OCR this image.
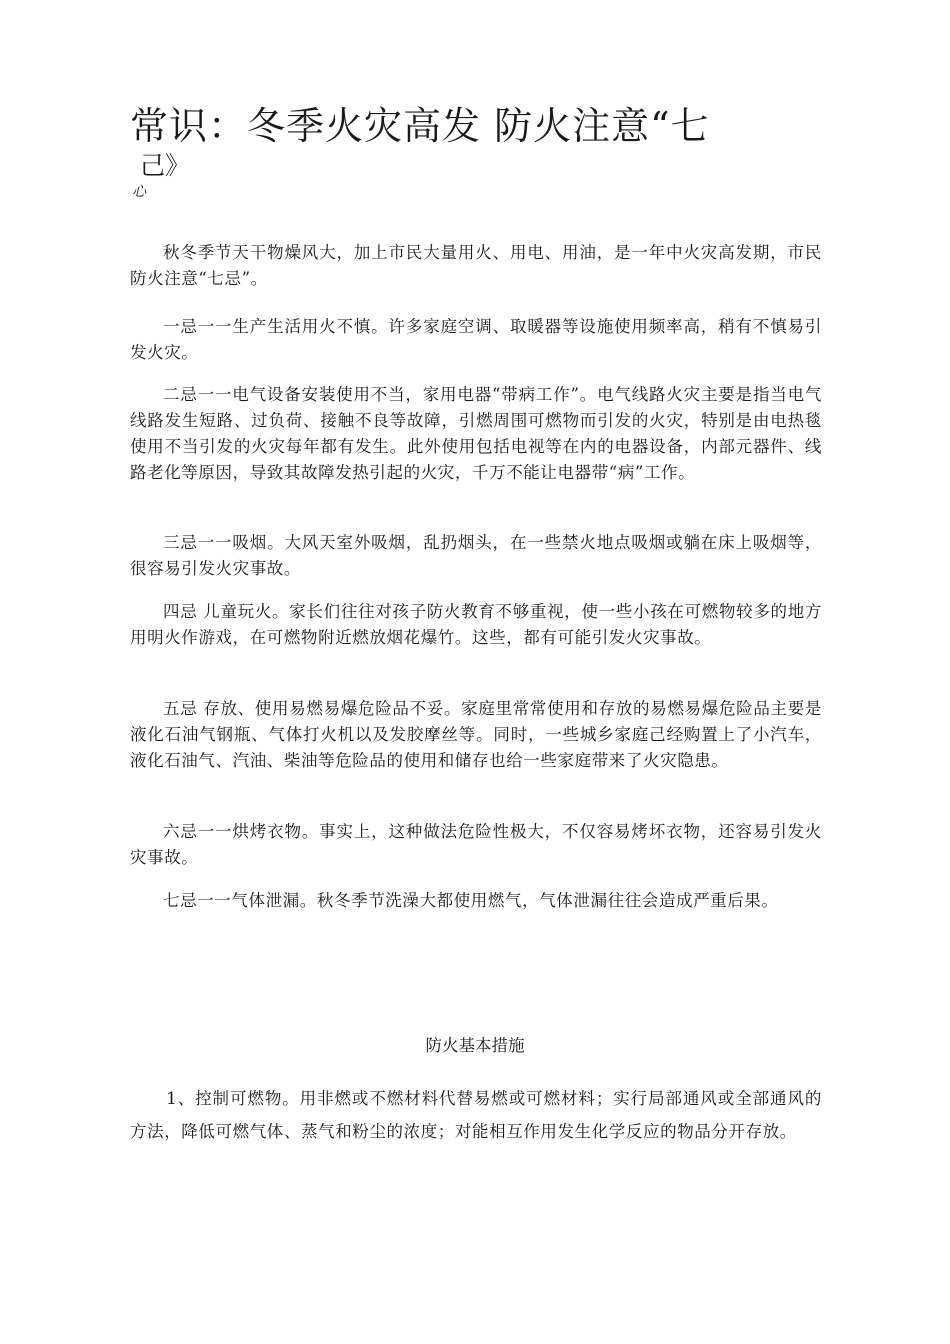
常识：冬季火灾高发 防火注意“七
己》
心

秋冬季节天干物燥风大，加上市民大量用火、用电、用油，是一年中火灾高发期，市民防火注意“七忌”。

一忌一一生产生活用火不慎。许多家庭空调、取暖器等设施使用频率高，稍有不慎易引发火灾。

二忌一一电气设备安装使用不当，家用电器“带病工作”。电气线路火灾主要是指当电气线路发生短路、过负荷、接触不良等故障，引燃周围可燃物而引发的火灾，特别是由电热毯使用不当引发的火灾每年都有发生。此外使用包括电视等在内的电器设备，内部元器件、线路老化等原因，导致其故障发热引起的火灾，千万不能让电器带“病”工作。

三忌一一吸烟。大风天室外吸烟，乱扔烟头，在一些禁火地点吸烟或躺在床上吸烟等，很容易引发火灾事故。

四忌 儿童玩火。家长们往往对孩子防火教育不够重视，使一些小孩在可燃物较多的地方用明火作游戏，在可燃物附近燃放烟花爆竹。这些，都有可能引发火灾事故。

五忌 存放、使用易燃易爆危险品不妥。家庭里常常使用和存放的易燃易爆危险品主要是液化石油气钢瓶、气体打火机以及发胶摩丝等。同时，一些城乡家庭己经购置上了小汽车，液化石油气、汽油、柴油等危险品的使用和储存也给一些家庭带来了火灾隐患。

六忌一一烘烤衣物。事实上，这种做法危险性极大，不仅容易烤坏衣物，还容易引发火灾事故。

七忌一一气体泄漏。秋冬季节洗澡大都使用燃气，气体泄漏往往会造成严重后果。

防火基本措施

1、控制可燃物。用非燃或不燃材料代替易燃或可燃材料；实行局部通风或全部通风的方法，降低可燃气体、蒸气和粉尘的浓度；对能相互作用发生化学反应的物品分开存放。
